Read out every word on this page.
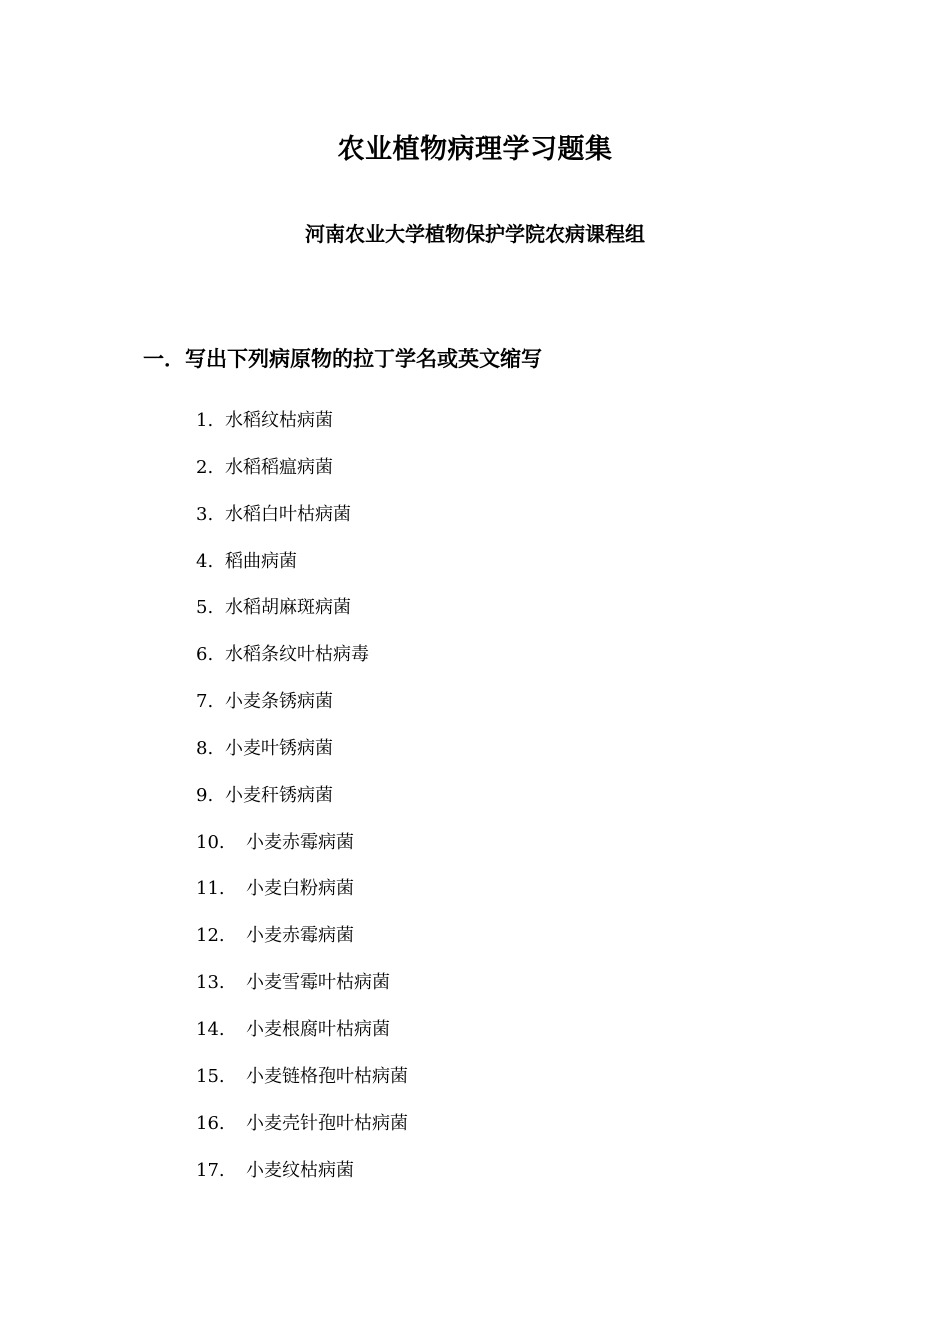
农业植物病理学习题集
河南农业大学植物保护学院农病课程组
一．写出下列病原物的拉丁学名或英文缩写
1. 水稻纹枯病菌
2. 水稻稻瘟病菌
3. 水稻白叶枯病菌
4. 稻曲病菌
5. 水稻胡麻斑病菌
6. 水稻条纹叶枯病毒
7. 小麦条锈病菌
8. 小麦叶锈病菌
9. 小麦秆锈病菌
10. 小麦赤霉病菌
11. 小麦白粉病菌
12. 小麦赤霉病菌
13. 小麦雪霉叶枯病菌
14. 小麦根腐叶枯病菌
15. 小麦链格孢叶枯病菌
16. 小麦壳针孢叶枯病菌
17. 小麦纹枯病菌
